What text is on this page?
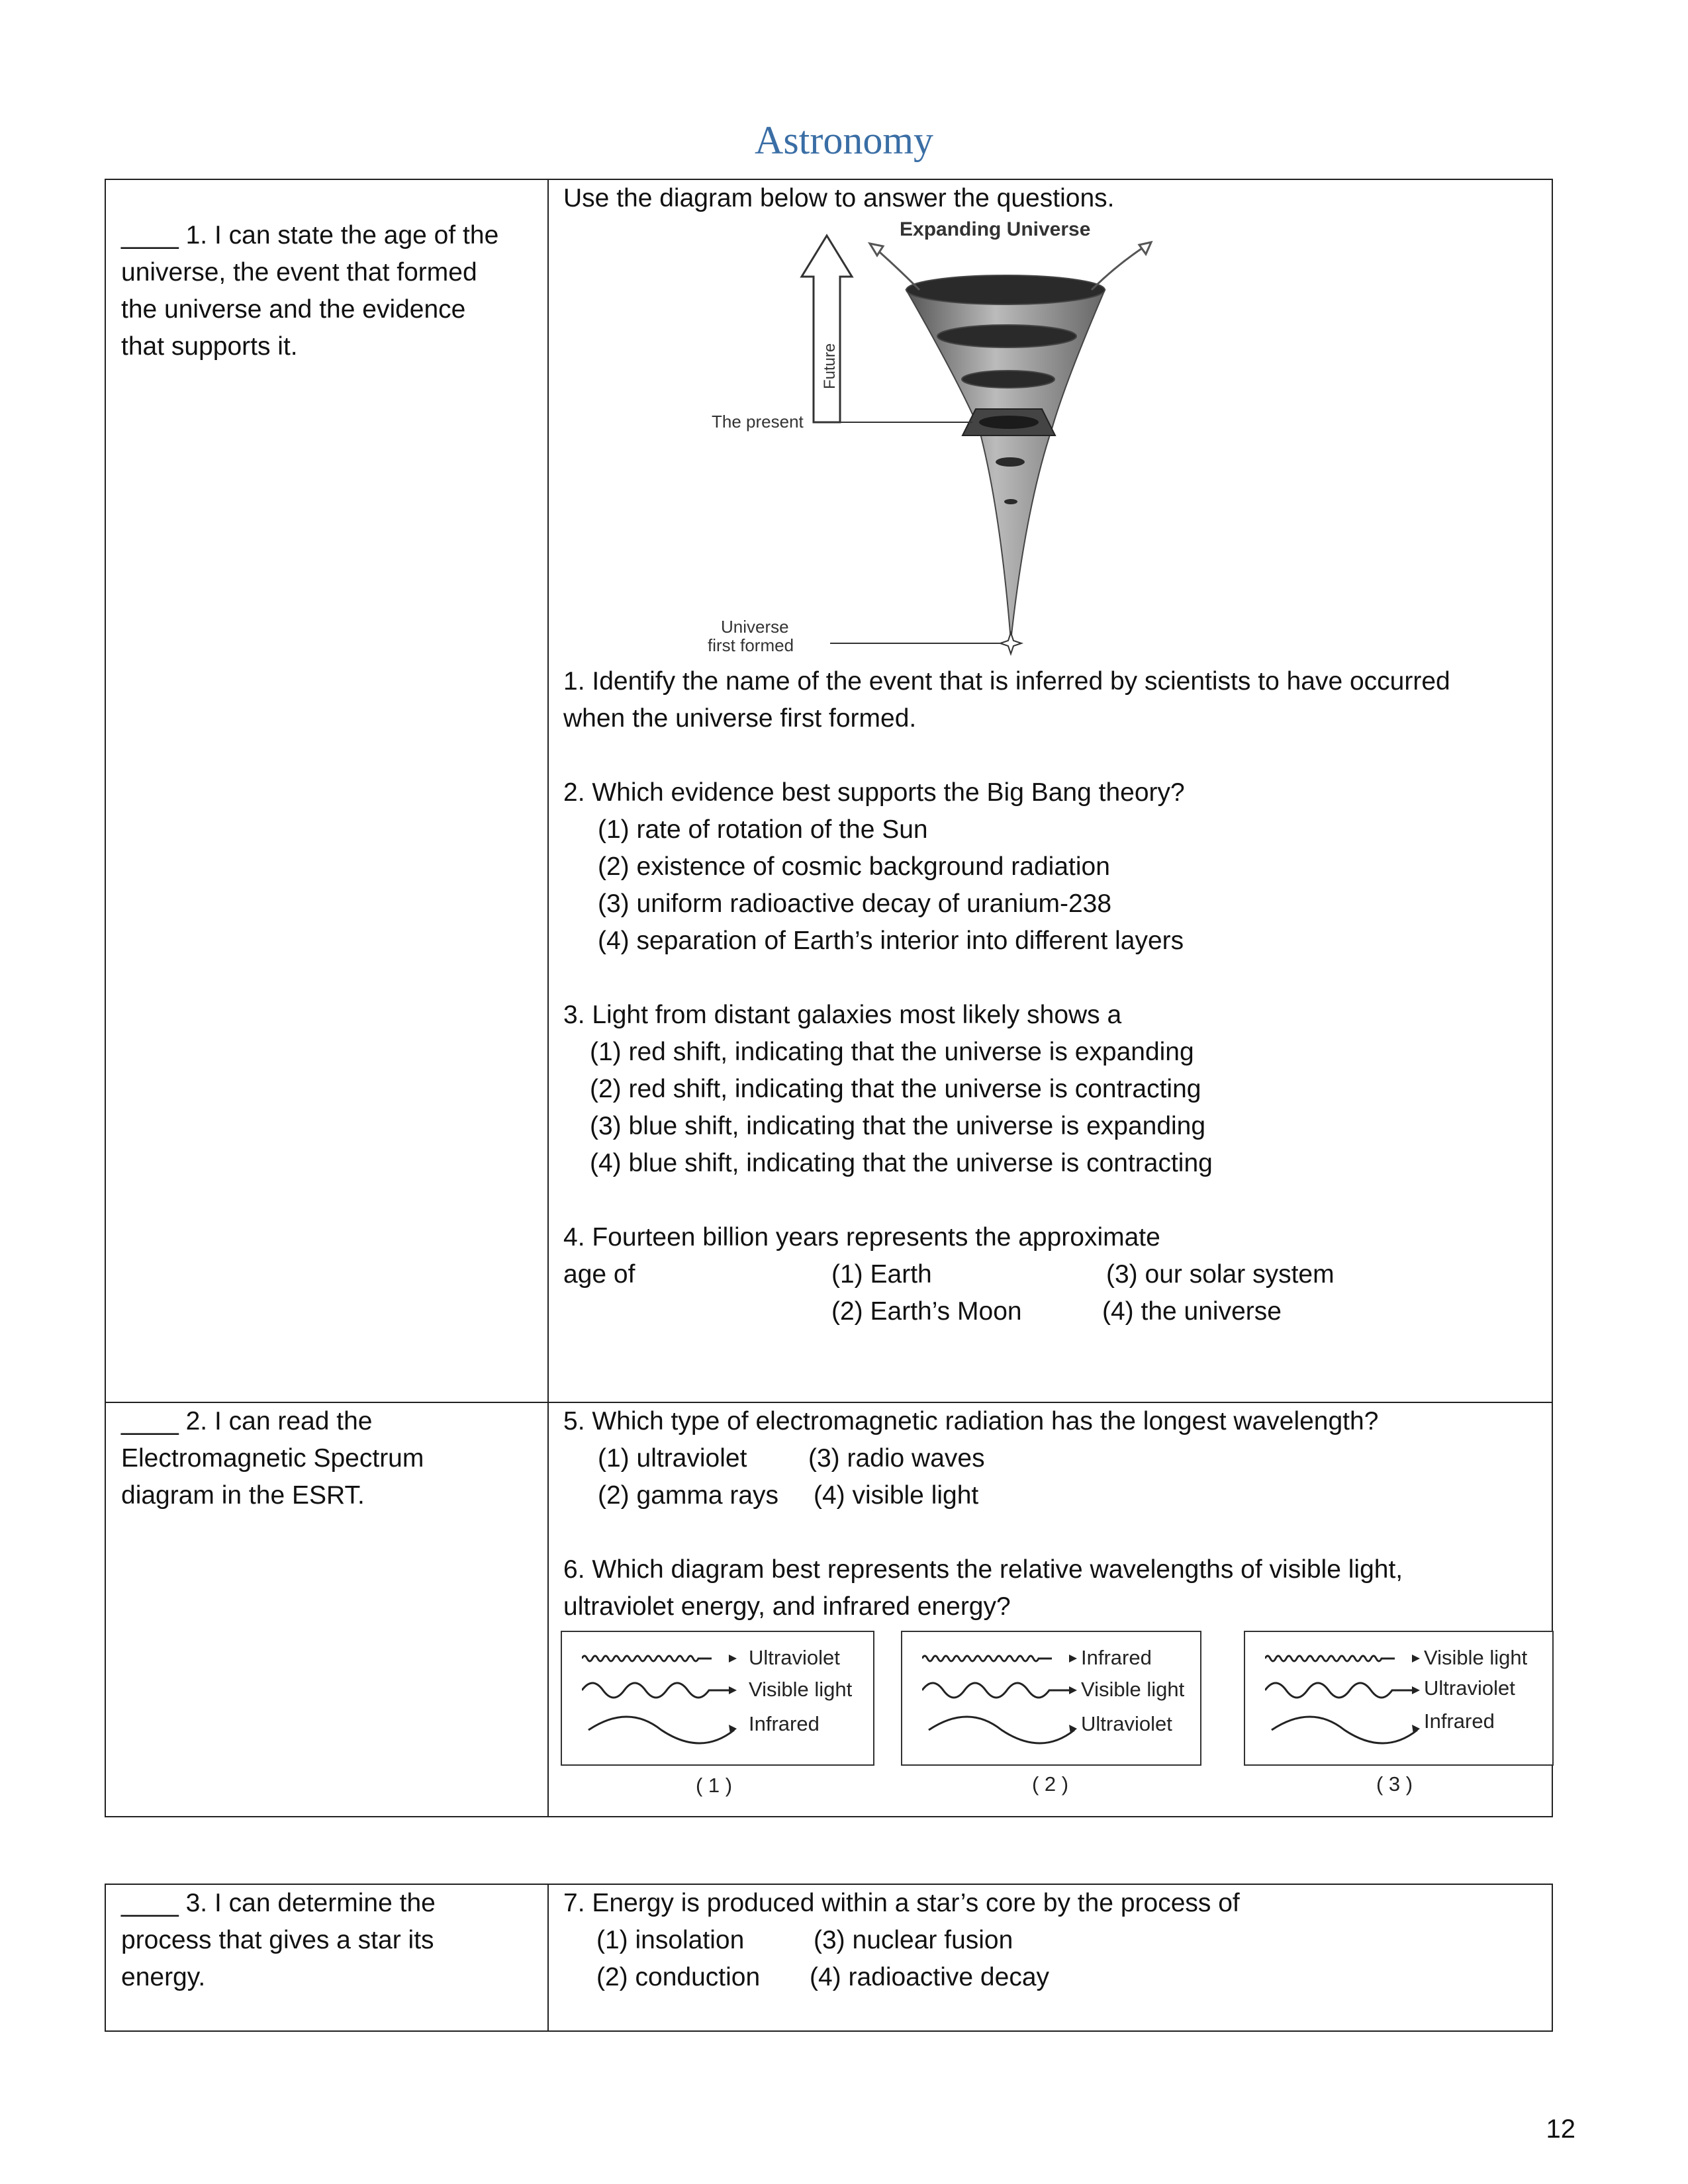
Astronomy
____ 1. I can state the age of the
universe, the event that formed
the universe and the evidence
that supports it.
Use the diagram below to answer the questions.
Expanding Universe
Future
The present
Universe
first formed
1. Identify the name of the event that is inferred by scientists to have occurred
when the universe first formed.
2. Which evidence best supports the Big Bang theory?
(1) rate of rotation of the Sun
(2) existence of cosmic background radiation
(3) uniform radioactive decay of uranium-238
(4) separation of Earth’s interior into different layers
3. Light from distant galaxies most likely shows a
(1) red shift, indicating that the universe is expanding
(2) red shift, indicating that the universe is contracting
(3) blue shift, indicating that the universe is expanding
(4) blue shift, indicating that the universe is contracting
4. Fourteen billion years represents the approximate
age of	(1) Earth	(3) our solar system
(2) Earth’s Moon	(4) the universe
____ 2. I can read the
Electromagnetic Spectrum
diagram in the ESRT.
5. Which type of electromagnetic radiation has the longest wavelength?
(1) ultraviolet (3) radio waves
(2) gamma rays (4) visible light
6. Which diagram best represents the relative wavelengths of visible light,
ultraviolet energy, and infrared energy?
Ultraviolet
Visible light
Infrared
( 1 )
Infrared
Visible light
Ultraviolet
( 2 )
Visible light
Ultraviolet
Infrared
( 3 )
____ 3. I can determine the
process that gives a star its
energy.
7. Energy is produced within a star’s core by the process of
(1) insolation	(3) nuclear fusion
(2) conduction (4) radioactive decay
12
